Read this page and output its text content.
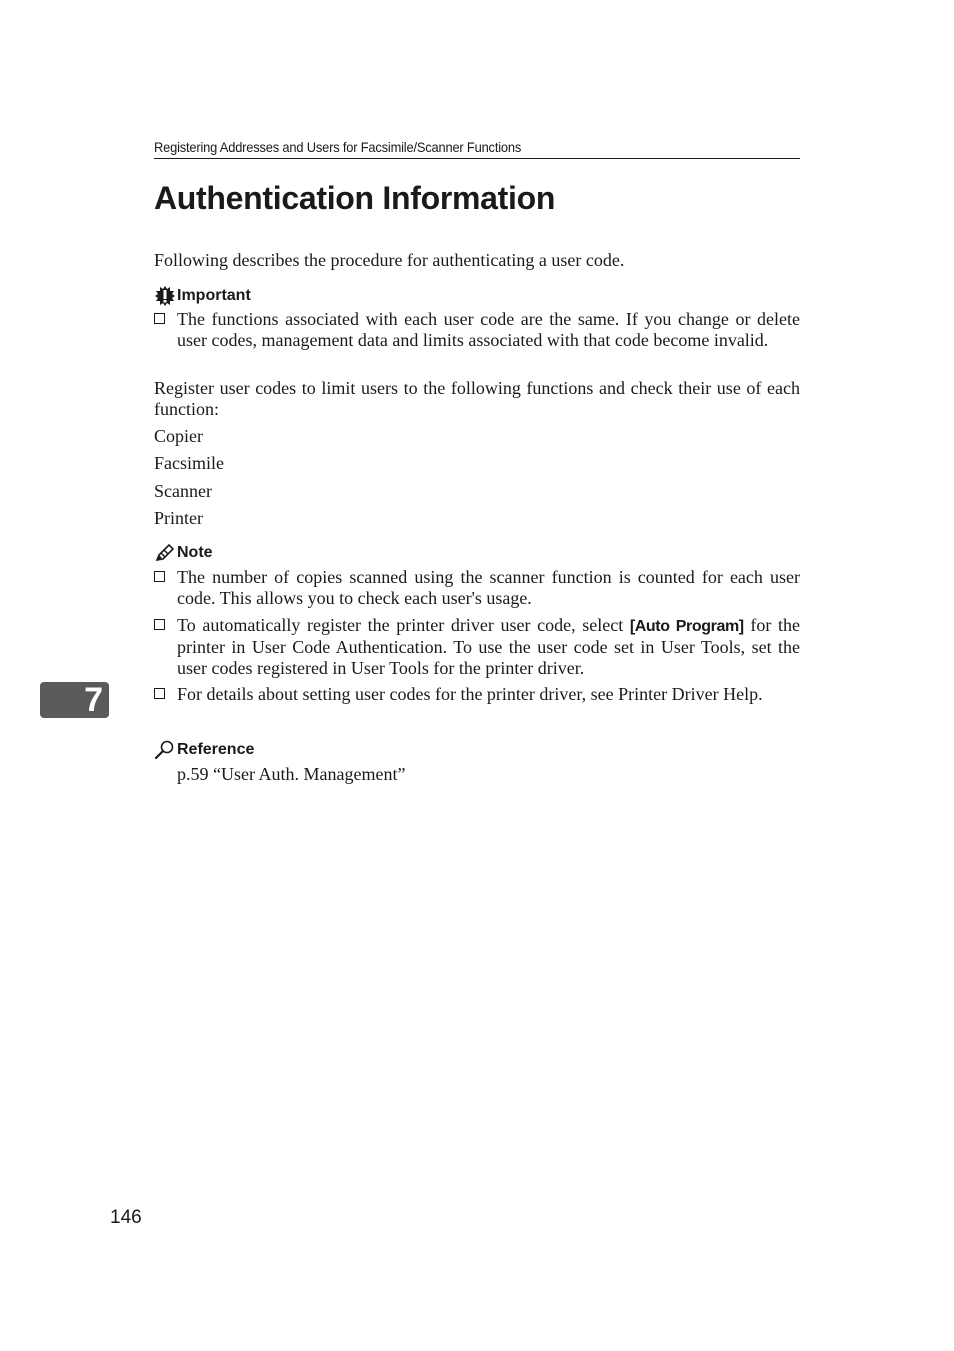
Registering Addresses and Users for Facsimile/Scanner Functions
Authentication Information
Following describes the procedure for authenticating a user code.
Important
The functions associated with each user code are the same. If you change or delete user codes, management data and limits associated with that code become invalid.
Register user codes to limit users to the following functions and check their use of each function:
Copier
Facsimile
Scanner
Printer
Note
The number of copies scanned using the scanner function is counted for each user code. This allows you to check each user's usage.
To automatically register the printer driver user code, select [Auto Program] for the printer in User Code Authentication. To use the user code set in User Tools, set the user codes registered in User Tools for the printer driver.
For details about setting user codes for the printer driver, see Printer Driver Help.
Reference
p.59 “User Auth. Management”
7
146
